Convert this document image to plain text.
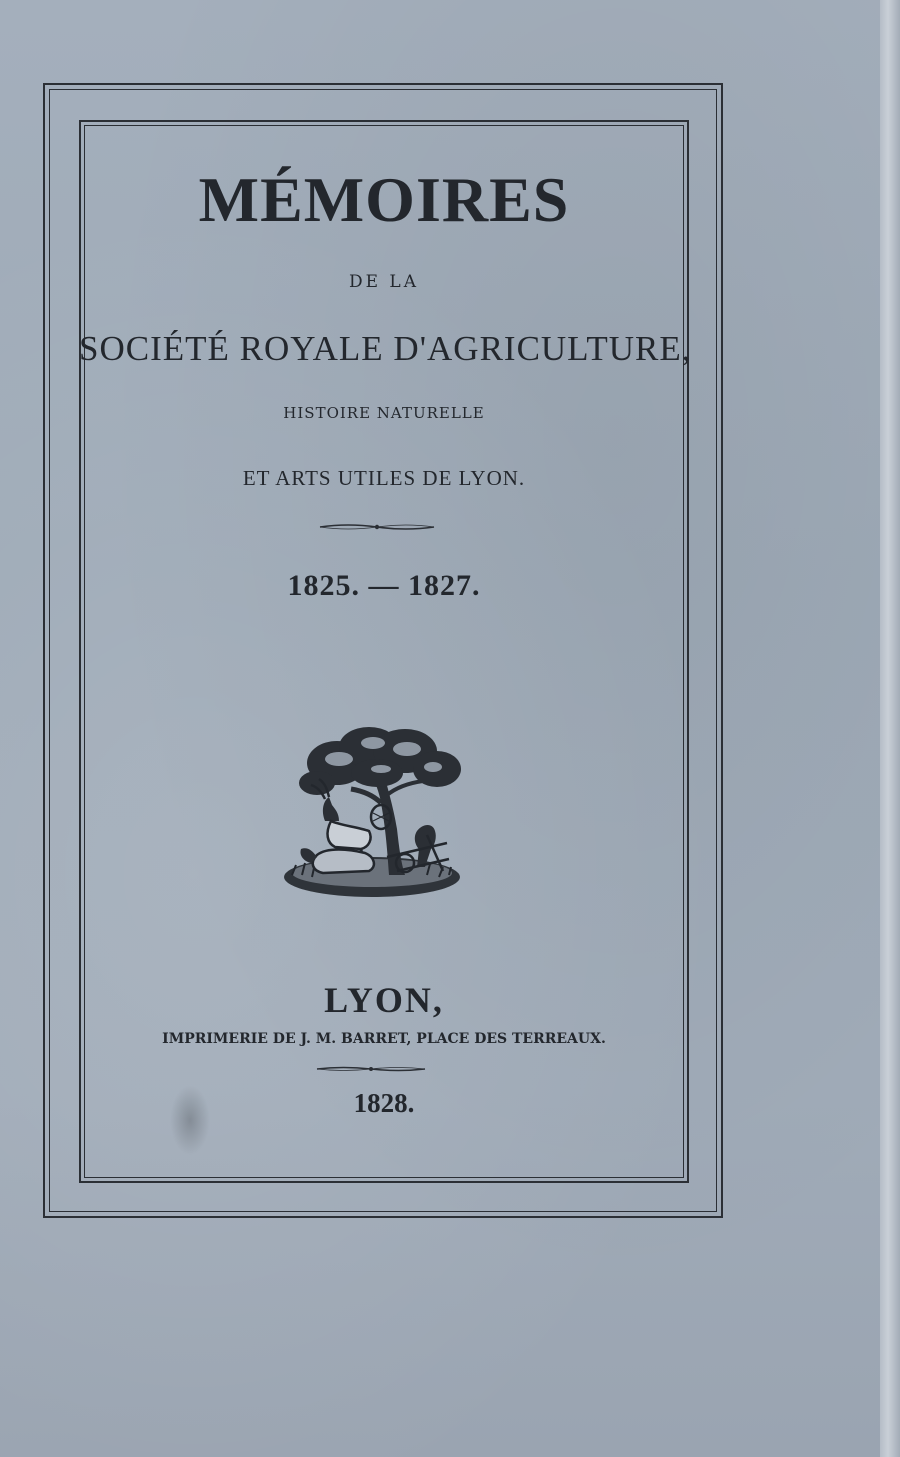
MÉMOIRES
DE LA
SOCIÉTÉ ROYALE D'AGRICULTURE,
HISTOIRE NATURELLE
ET ARTS UTILES DE LYON.
1825. — 1827.
LYON,
IMPRIMERIE DE J. M. BARRET, PLACE DES TERREAUX.
1828.
